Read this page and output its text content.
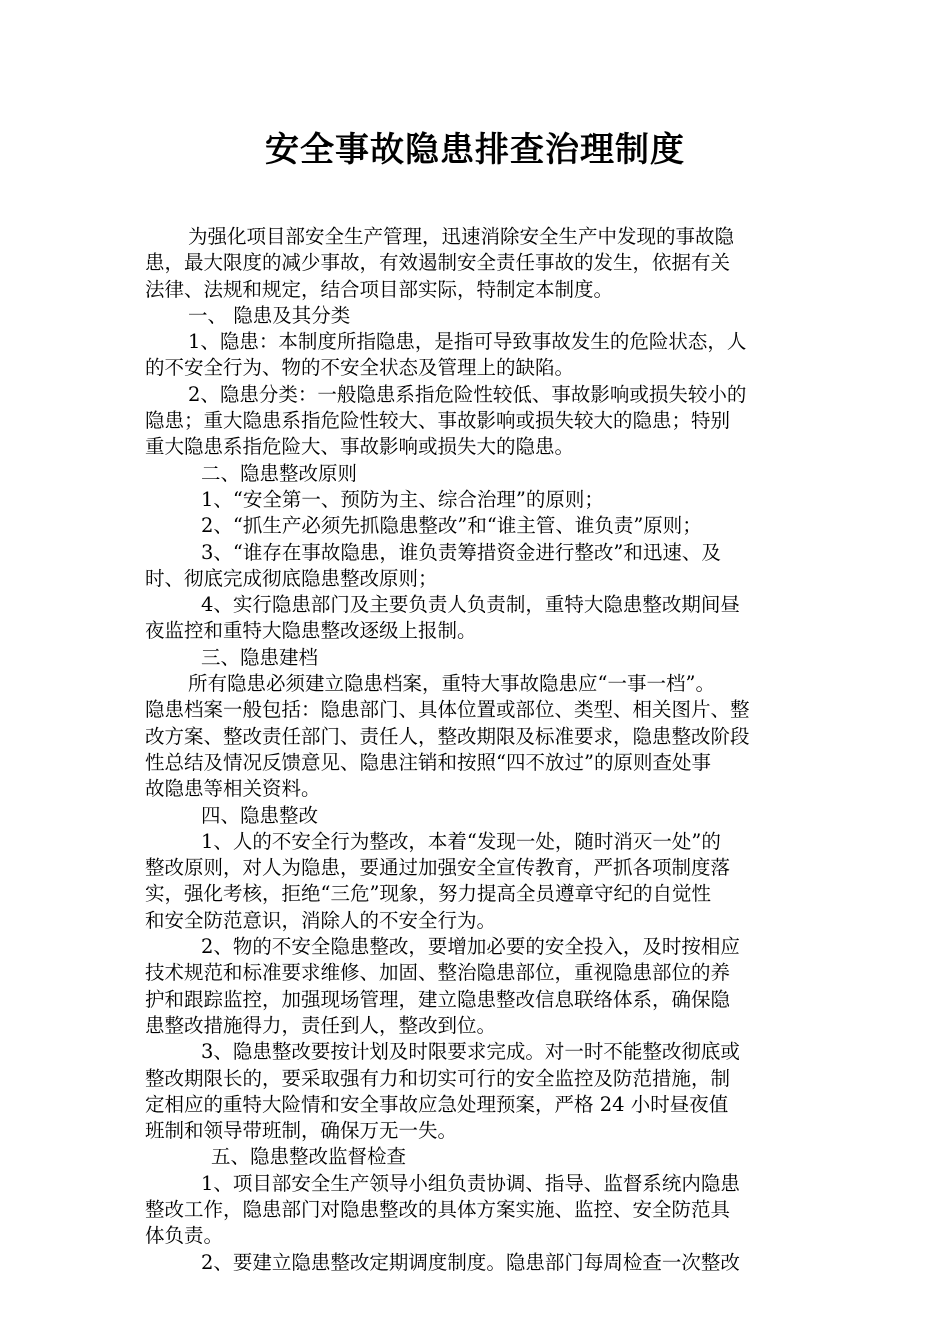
安全事故隐患排查治理制度
为强化项目部安全生产管理，迅速消除安全生产中发现的事故隐
患，最大限度的减少事故，有效遏制安全责任事故的发生，依据有关
法律、法规和规定，结合项目部实际，特制定本制度。
一、 隐患及其分类
1、隐患：本制度所指隐患，是指可导致事故发生的危险状态，人
的不安全行为、物的不安全状态及管理上的缺陷。
2、隐患分类：一般隐患系指危险性较低、事故影响或损失较小的
隐患；重大隐患系指危险性较大、事故影响或损失较大的隐患；特别
重大隐患系指危险大、事故影响或损失大的隐患。
二、隐患整改原则
1、“安全第一、预防为主、综合治理”的原则；
2、“抓生产必须先抓隐患整改”和“谁主管、谁负责”原则；
3、“谁存在事故隐患，谁负责筹措资金进行整改”和迅速、及
时、彻底完成彻底隐患整改原则；
4、实行隐患部门及主要负责人负责制，重特大隐患整改期间昼
夜监控和重特大隐患整改逐级上报制。
三、隐患建档
所有隐患必须建立隐患档案，重特大事故隐患应“一事一档”。
隐患档案一般包括：隐患部门、具体位置或部位、类型、相关图片、整
改方案、整改责任部门、责任人，整改期限及标准要求，隐患整改阶段
性总结及情况反馈意见、隐患注销和按照“四不放过”的原则查处事
故隐患等相关资料。
四、隐患整改
1、人的不安全行为整改，本着“发现一处，随时消灭一处”的
整改原则，对人为隐患，要通过加强安全宣传教育，严抓各项制度落
实，强化考核，拒绝“三危”现象，努力提高全员遵章守纪的自觉性
和安全防范意识，消除人的不安全行为。
2、物的不安全隐患整改，要增加必要的安全投入，及时按相应
技术规范和标准要求维修、加固、整治隐患部位，重视隐患部位的养
护和跟踪监控，加强现场管理，建立隐患整改信息联络体系，确保隐
患整改措施得力，责任到人，整改到位。
3、隐患整改要按计划及时限要求完成。对一时不能整改彻底或
整改期限长的，要采取强有力和切实可行的安全监控及防范措施，制
定相应的重特大险情和安全事故应急处理预案，严格 24 小时昼夜值
班制和领导带班制，确保万无一失。
五、隐患整改监督检查
1、项目部安全生产领导小组负责协调、指导、监督系统内隐患
整改工作，隐患部门对隐患整改的具体方案实施、监控、安全防范具
体负责。
2、要建立隐患整改定期调度制度。隐患部门每周检查一次整改
